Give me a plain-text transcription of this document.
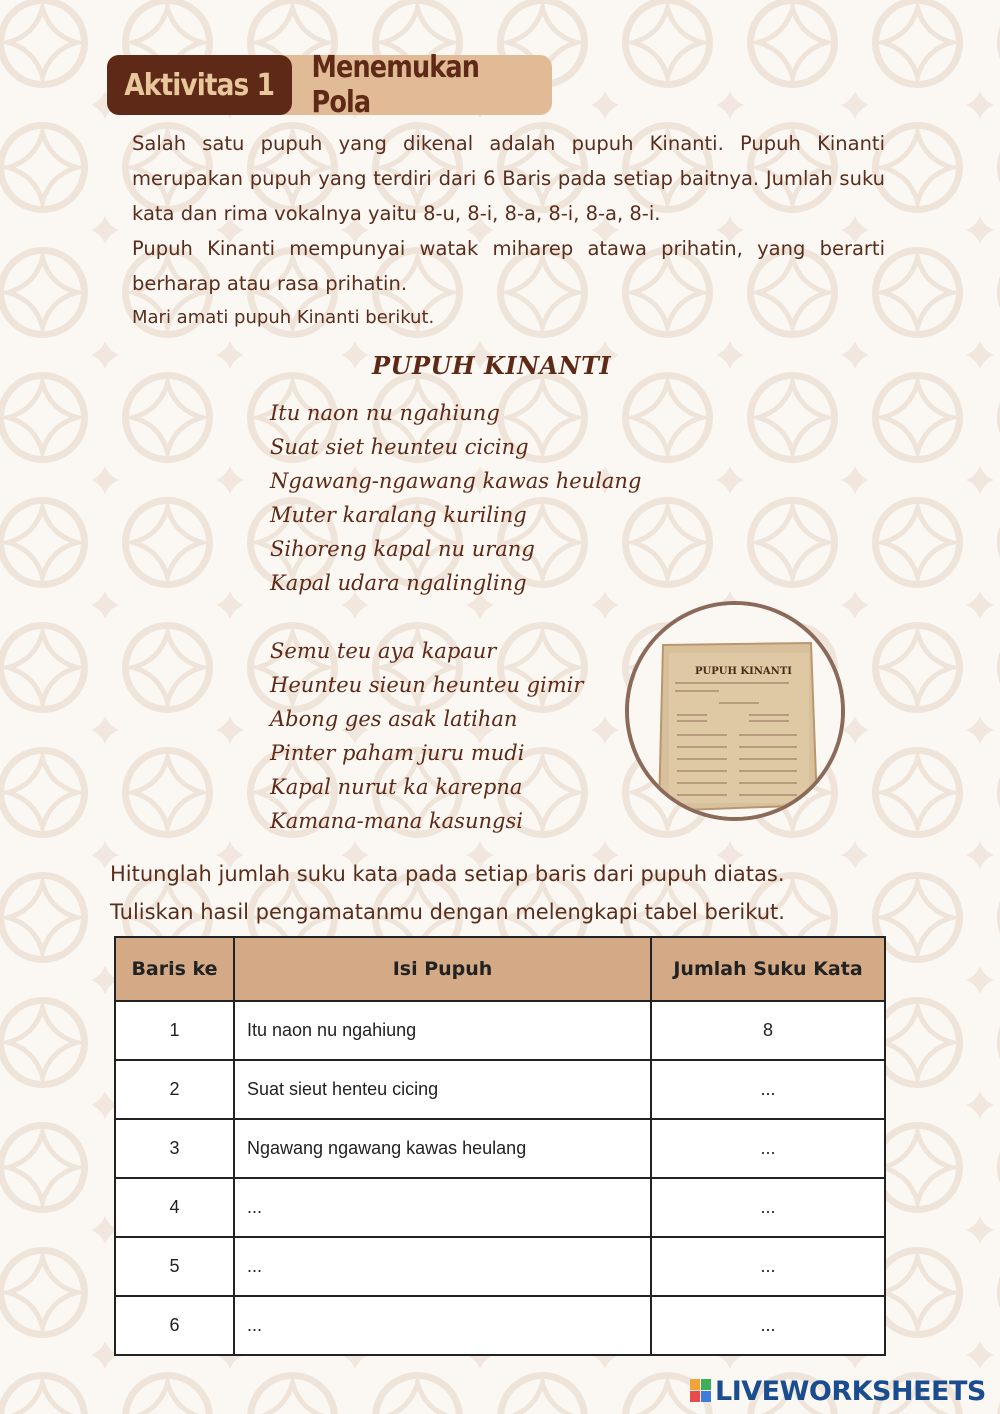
Aktivitas 1 Menemukan Pola

Salah satu pupuh yang dikenal adalah pupuh Kinanti. Pupuh Kinanti merupakan pupuh yang terdiri dari 6 Baris pada setiap baitnya. Jumlah suku kata dan rima vokalnya yaitu 8-u, 8-i, 8-a, 8-i, 8-a, 8-i.

Pupuh Kinanti mempunyai watak miharep atawa prihatin, yang berarti berharap atau rasa prihatin.

Mari amati pupuh Kinanti berikut.

PUPUH KINANTI
Itu naon nu ngahiung
Suat siet heunteu cicing
Ngawang-ngawang kawas heulang
Muter karalang kuriling
Sihoreng kapal nu urang
Kapal udara ngalingling
Semu teu aya kapaur
Heunteu sieun heunteu gimir
Abong ges asak latihan
Pinter paham juru mudi
Kapal nurut ka karepna
Kamana-mana kasungsi
PUPUH KINANTI
Hitunglah jumlah suku kata pada setiap baris dari pupuh diatas.
Tuliskan hasil pengamatanmu dengan melengkapi tabel berikut.
Baris ke	Isi Pupuh	Jumlah Suku Kata
1	Itu naon nu ngahiung	8
2	Suat sieut henteu cicing	...
3	Ngawang ngawang kawas heulang	...
4	...	...
5	...	...
6	...	...
LIVEWORKSHEETS
